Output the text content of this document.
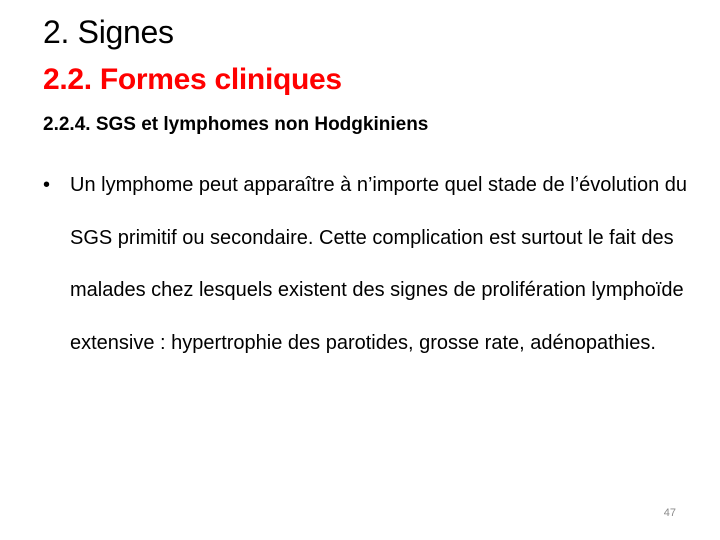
2. Signes
2.2. Formes cliniques
2.2.4. SGS et lymphomes non Hodgkiniens
• Un lymphome peut apparaître à n’importe quel stade de l’évolution du SGS primitif ou secondaire. Cette complication est surtout le fait des malades chez lesquels existent des signes de prolifération lymphoïde extensive : hypertrophie des parotides, grosse rate, adénopathies.
47
